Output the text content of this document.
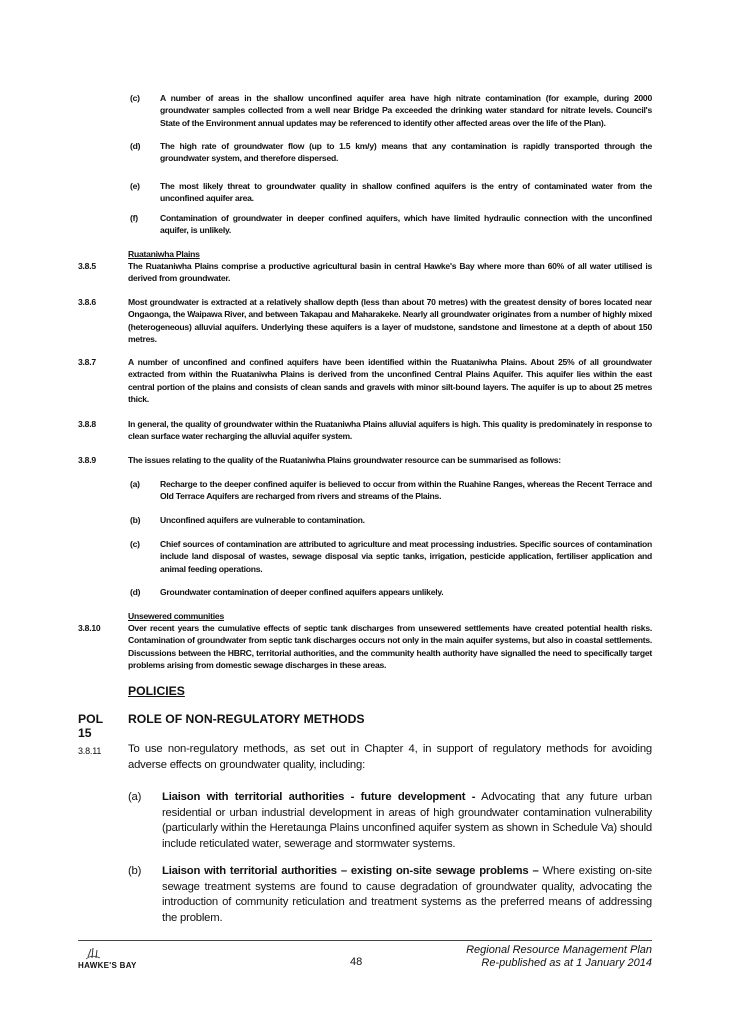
(c) A number of areas in the shallow unconfined aquifer area have high nitrate contamination (for example, during 2000 groundwater samples collected from a well near Bridge Pa exceeded the drinking water standard for nitrate levels. Council's State of the Environment annual updates may be referenced to identify other affected areas over the life of the Plan).
(d) The high rate of groundwater flow (up to 1.5 km/y) means that any contamination is rapidly transported through the groundwater system, and therefore dispersed.
(e) The most likely threat to groundwater quality in shallow confined aquifers is the entry of contaminated water from the unconfined aquifer area.
(f)	Contamination of groundwater in deeper confined aquifers, which have limited hydraulic connection with the unconfined aquifer, is unlikely.
Ruataniwha Plains
3.8.5	The Ruataniwha Plains comprise a productive agricultural basin in central Hawke's Bay where more than 60% of all water utilised is derived from groundwater.
3.8.6	Most groundwater is extracted at a relatively shallow depth (less than about 70 metres) with the greatest density of bores located near Ongaonga, the Waipawa River, and between Takapau and Maharakeke. Nearly all groundwater originates from a number of highly mixed (heterogeneous) alluvial aquifers. Underlying these aquifers is a layer of mudstone, sandstone and limestone at a depth of about 150 metres.
3.8.7	A number of unconfined and confined aquifers have been identified within the Ruataniwha Plains. About 25% of all groundwater extracted from within the Ruataniwha Plains is derived from the unconfined Central Plains Aquifer. This aquifer lies within the east central portion of the plains and consists of clean sands and gravels with minor silt-bound layers. The aquifer is up to about 25 metres thick.
3.8.8	In general, the quality of groundwater within the Ruataniwha Plains alluvial aquifers is high. This quality is predominately in response to clean surface water recharging the alluvial aquifer system.
3.8.9	The issues relating to the quality of the Ruataniwha Plains groundwater resource can be summarised as follows:
(a) Recharge to the deeper confined aquifer is believed to occur from within the Ruahine Ranges, whereas the Recent Terrace and Old Terrace Aquifers are recharged from rivers and streams of the Plains.
(b) Unconfined aquifers are vulnerable to contamination.
(c) Chief sources of contamination are attributed to agriculture and meat processing industries. Specific sources of contamination include land disposal of wastes, sewage disposal via septic tanks, irrigation, pesticide application, fertiliser application and animal feeding operations.
(d) Groundwater contamination of deeper confined aquifers appears unlikely.
Unsewered communities
3.8.10	Over recent years the cumulative effects of septic tank discharges from unsewered settlements have created potential health risks. Contamination of groundwater from septic tank discharges occurs not only in the main aquifer systems, but also in coastal settlements. Discussions between the HBRC, territorial authorities, and the community health authority have signalled the need to specifically target problems arising from domestic sewage discharges in these areas.
POLICIES
POL 15
ROLE OF NON-REGULATORY METHODS
3.8.11 To use non-regulatory methods, as set out in Chapter 4, in support of regulatory methods for avoiding adverse effects on groundwater quality, including:
(a) Liaison with territorial authorities - future development - Advocating that any future urban residential or urban industrial development in areas of high groundwater contamination vulnerability (particularly within the Heretaunga Plains unconfined aquifer system as shown in Schedule Va) should include reticulated water, sewerage and stormwater systems.
(b) Liaison with territorial authorities – existing on-site sewage problems – Where existing on-site sewage treatment systems are found to cause degradation of groundwater quality, advocating the introduction of community reticulation and treatment systems as the preferred means of addressing the problem.
HAWKE'S BAY	48
Regional Resource Management Plan
Re-published as at 1 January 2014
